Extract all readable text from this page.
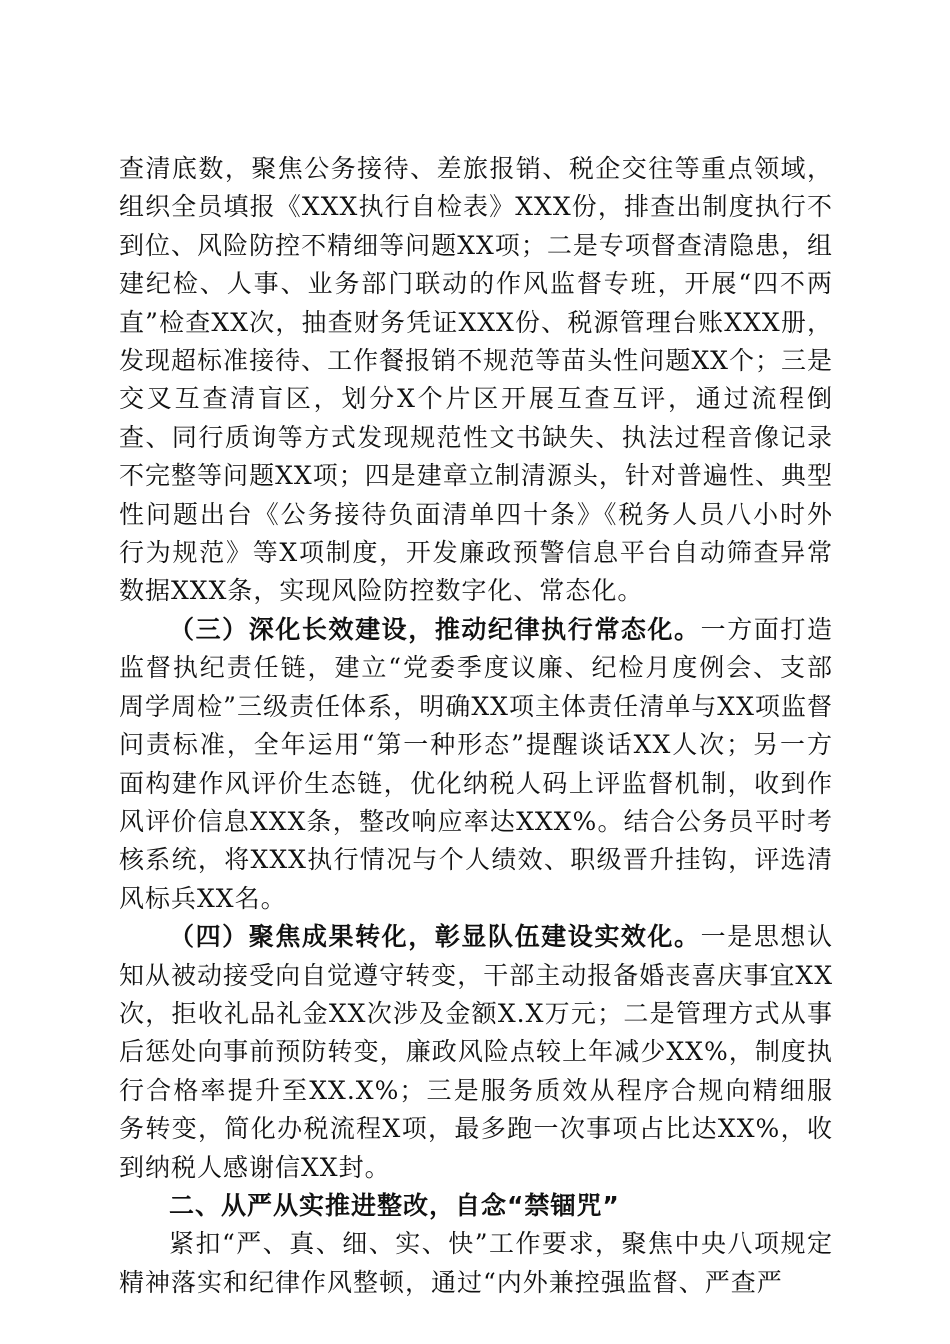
查清底数，聚焦公务接待、差旅报销、税企交往等重点领域，组织全员填报《XXX执行自检表》XXX份，排查出制度执行不到位、风险防控不精细等问题XX项；二是专项督查清隐患，组建纪检、人事、业务部门联动的作风监督专班，开展“四不两直”检查XX次，抽查财务凭证XXX份、税源管理台账XXX册，发现超标准接待、工作餐报销不规范等苗头性问题XX个；三是交叉互查清盲区，划分X个片区开展互查互评，通过流程倒查、同行质询等方式发现规范性文书缺失、执法过程音像记录不完整等问题XX项；四是建章立制清源头，针对普遍性、典型性问题出台《公务接待负面清单四十条》《税务人员八小时外行为规范》等X项制度，开发廉政预警信息平台自动筛查异常数据XXX条，实现风险防控数字化、常态化。

（三）深化长效建设，推动纪律执行常态化。一方面打造监督执纪责任链，建立“党委季度议廉、纪检月度例会、支部周学周检”三级责任体系，明确XX项主体责任清单与XX项监督问责标准，全年运用“第一种形态”提醒谈话XX人次；另一方面构建作风评价生态链，优化纳税人码上评监督机制，收到作风评价信息XXX条，整改响应率达XXX%。结合公务员平时考核系统，将XXX执行情况与个人绩效、职级晋升挂钩，评选清风标兵XX名。

（四）聚焦成果转化，彰显队伍建设实效化。一是思想认知从被动接受向自觉遵守转变，干部主动报备婚丧喜庆事宜XX次，拒收礼品礼金XX次涉及金额X.X万元；二是管理方式从事后惩处向事前预防转变，廉政风险点较上年减少XX%，制度执行合格率提升至XX.X%；三是服务质效从程序合规向精细服务转变，简化办税流程X项，最多跑一次事项占比达XX%，收到纳税人感谢信XX封。

二、从严从实推进整改，自念“禁锢咒”

紧扣“严、真、细、实、快”工作要求，聚焦中央八项规定精神落实和纪律作风整顿，通过“内外兼控强监督、严查严
